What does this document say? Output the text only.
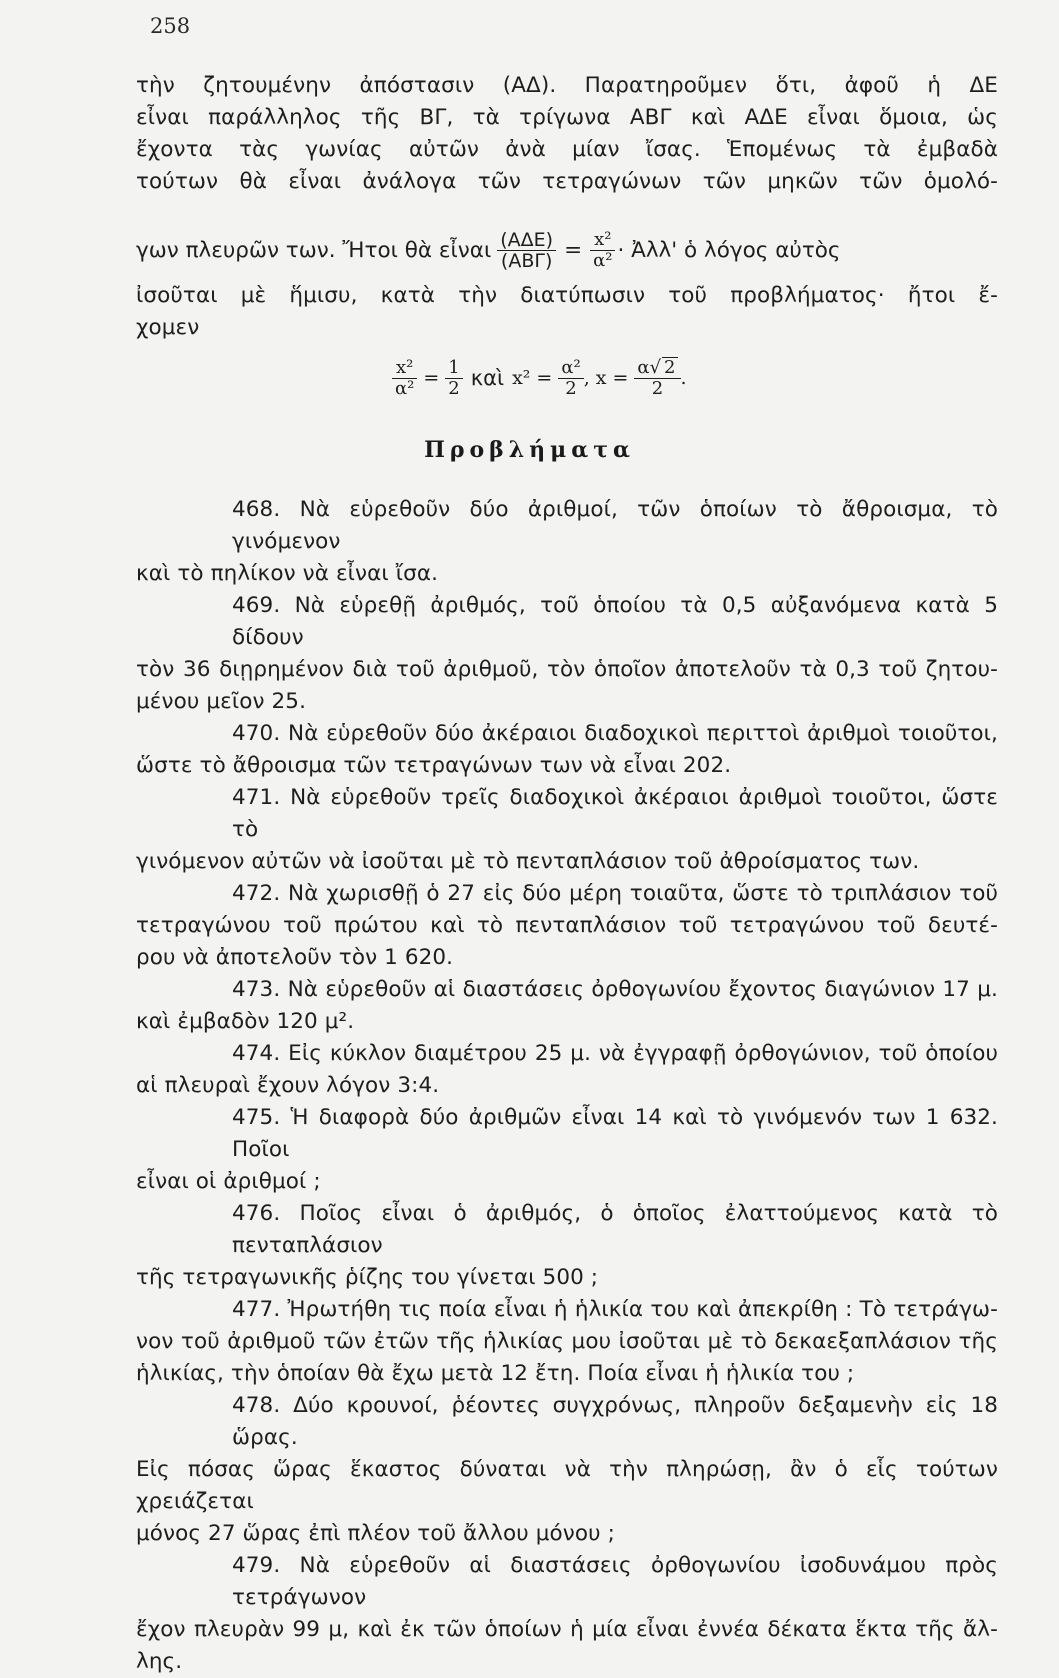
258
τὴν ζητουμένην ἀπόστασιν (ΑΔ). Παρατηροῦμεν ὅτι, ἀφοῦ ἡ ΔΕ
εἶναι παράλληλος τῆς ΒΓ, τὰ τρίγωνα ΑΒΓ καὶ ΑΔΕ εἶναι ὅμοια, ὡς
ἔχοντα τὰς γωνίας αὐτῶν ἀνὰ μίαν ἴσας. Ἑπομένως τὰ ἐμβαδὰ
τούτων θὰ εἶναι ἀνάλογα τῶν τετραγώνων τῶν μηκῶν τῶν ὁμολό-
γων πλευρῶν των. Ἤτοι θὰ εἶναι $\frac{\text{(ΑΔΕ)}}{\text{(ΑΒΓ)}} = \frac{\text{x²}}{\text{α²}}$ · Ἀλλ' ὁ λόγος αὐτὸς
ἰσοῦται μὲ ἥμισυ, κατὰ τὴν διατύπωσιν τοῦ προβλήματος· ἤτοι ἔ-
χομεν
$\frac{\text{x²}}{\text{α²}} = \frac{1}{2}$ καὶ $x^2 = \frac{\text{α²}}{2}$ , $x = \frac{\alpha√ 2}{2}$ .
Προβλήματα
468. Νὰ εὑρεθοῦν δύο ἀριθμοί, τῶν ὁποίων τὸ ἄθροισμα, τὸ γινόμενον
καὶ τὸ πηλίκον νὰ εἶναι ἴσα.
469. Νὰ εὑρεθῇ ἀριθμός, τοῦ ὁποίου τὰ 0,5 αὐξανόμενα κατὰ 5 δίδουν
τὸν 36 διῃρημένον διὰ τοῦ ἀριθμοῦ, τὸν ὁποῖον ἀποτελοῦν τὰ 0,3 τοῦ ζητου-
μένου μεῖον 25.
470. Νὰ εὑρεθοῦν δύο ἀκέραιοι διαδοχικοὶ περιττοὶ ἀριθμοὶ τοιοῦτοι,
ὥστε τὸ ἄθροισμα τῶν τετραγώνων των νὰ εἶναι 202.
471. Νὰ εὑρεθοῦν τρεῖς διαδοχικοὶ ἀκέραιοι ἀριθμοὶ τοιοῦτοι, ὥστε τὸ
γινόμενον αὐτῶν νὰ ἰσοῦται μὲ τὸ πενταπλάσιον τοῦ ἀθροίσματος των.
472. Νὰ χωρισθῇ ὁ 27 εἰς δύο μέρη τοιαῦτα, ὥστε τὸ τριπλάσιον τοῦ
τετραγώνου τοῦ πρώτου καὶ τὸ πενταπλάσιον τοῦ τετραγώνου τοῦ δευτέ-
ρου νὰ ἀποτελοῦν τὸν 1 620.
473. Νὰ εὑρεθοῦν αἱ διαστάσεις ὀρθογωνίου ἔχοντος διαγώνιον 17 μ.
καὶ ἐμβαδὸν 120 μ².
474. Εἰς κύκλον διαμέτρου 25 μ. νὰ ἐγγραφῇ ὀρθογώνιον, τοῦ ὁποίου
αἱ πλευραὶ ἔχουν λόγον 3:4.
475. Ἡ διαφορὰ δύο ἀριθμῶν εἶναι 14 καὶ τὸ γινόμενόν των 1 632. Ποῖοι
εἶναι οἱ ἀριθμοί ;
476. Ποῖος εἶναι ὁ ἀριθμός, ὁ ὁποῖος ἐλαττούμενος κατὰ τὸ πενταπλάσιον
τῆς τετραγωνικῆς ῥίζης του γίνεται 500 ;
477. Ἠρωτήθη τις ποία εἶναι ἡ ἡλικία του καὶ ἀπεκρίθη : Τὸ τετράγω-
νον τοῦ ἀριθμοῦ τῶν ἐτῶν τῆς ἡλικίας μου ἰσοῦται μὲ τὸ δεκαεξαπλάσιον τῆς
ἡλικίας, τὴν ὁποίαν θὰ ἔχω μετὰ 12 ἔτη. Ποία εἶναι ἡ ἡλικία του ;
478. Δύο κρουνοί, ῥέοντες συγχρόνως, πληροῦν δεξαμενὴν εἰς 18 ὥρας.
Εἰς πόσας ὥρας ἕκαστος δύναται νὰ τὴν πληρώσῃ, ἂν ὁ εἷς τούτων χρειάζεται
μόνος 27 ὥρας ἐπὶ πλέον τοῦ ἄλλου μόνου ;
479. Νὰ εὑρεθοῦν αἱ διαστάσεις ὀρθογωνίου ἰσοδυνάμου πρὸς τετράγωνον
ἔχον πλευρὰν 99 μ, καὶ ἐκ τῶν ὁποίων ἡ μία εἶναι ἐννέα δέκατα ἕκτα τῆς ἄλ-
λης.
